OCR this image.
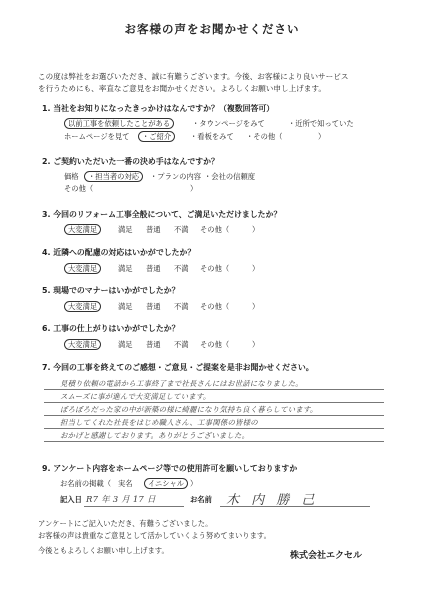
お客様の声をお聞かせください
この度は弊社をお選びいただき、誠に有難うございます。今後、お客様により良いサービス
を行うためにも、率直なご意見をお聞かせください。よろしくお願い申し上げます。
1. 当社をお知りになったきっかけはなんですか？（複数回答可）
以前工事を依頼したことがある	・タウンページをみて	・近所で知っていた
ホームページを見て	・ご紹介	・看板をみて ・その他（	）
2. ご契約いただいた一番の決め手はなんですか？
価格	・担当者の対応	・プランの内容 ・会社の信頼度
その他（	）
3. 今回のリフォーム工事全般について、ご満足いただけましたか？
大変満足	満足 普通 不満 その他（	）
4. 近隣への配慮の対応はいかがでしたか？
大変満足	満足 普通 不満 その他（	）
5. 現場でのマナーはいかがでしたか？
大変満足	満足 普通 不満 その他（	）
6. 工事の仕上がりはいかがでしたか？
大変満足	満足 普通 不満 その他（	）
7. 今回の工事を終えてのご感想・ご意見・ご提案を是非お聞かせください。
見積り依頼の電話から工事終了まで社長さんにはお世話になりました。
スムーズに事が進んで大変満足しています。
ぼろぼろだった家の中が新築の様に綺麗になり気持ち良く暮らしています。
担当してくれた社長をはじめ職人さん、工事関係の皆様の
おかげと感謝しております。ありがとうございました。
9. アンケート内容をホームページ等での使用許可を願いしておりますか
お名前の掲載（ 実名	イニシャル ）
記入日 R7 年 3 月 17 日	お名前 木 内 勝 己
アンケートにご記入いただき、有難うございました。
お客様の声は貴重なご意見として活かしていくよう努めてまいります。
今後ともよろしくお願い申し上げます。
株式会社エクセル
